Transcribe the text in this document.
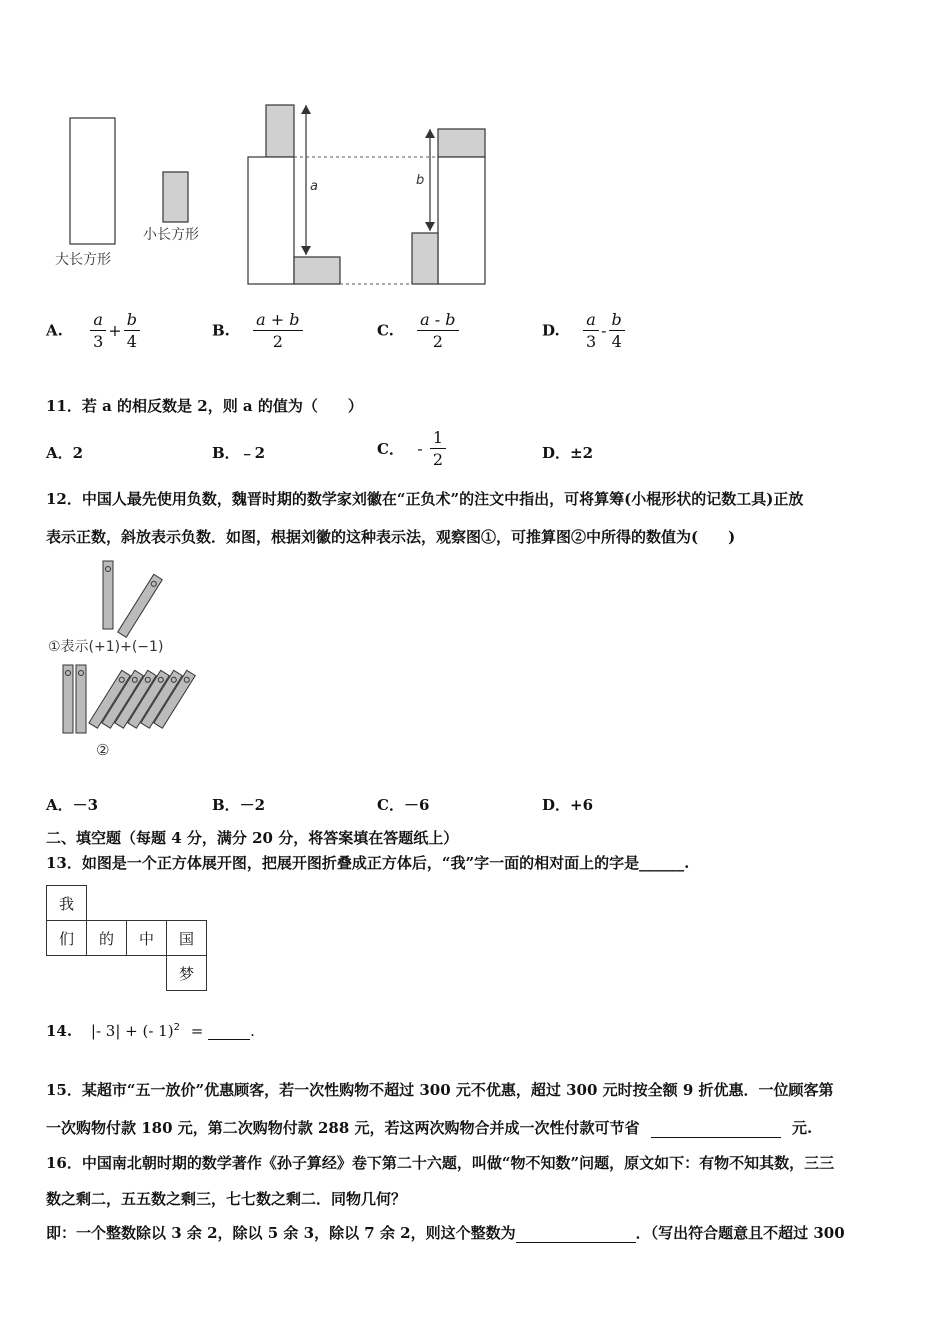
大长方形
小长方形
a	b
A. $\frac{a}{3} + \frac{b}{4}$	B. $\frac{a + b}{2}$	C. $\frac{a - b}{2}$	D. $\frac{a}{3} - \frac{b}{4}$
11．若 a 的相反数是 2，则 a 的值为（　　）
A．2	B．﹣2	C． - $\frac{1}{2}$	D．±2
12．中国人最先使用负数，魏晋时期的数学家刘徽在“正负术”的注文中指出，可将算筹(小棍形状的记数工具)正放
表示正数，斜放表示负数．如图，根据刘徽的这种表示法，观察图①，可推算图②中所得的数值为(　　)
①表示(+1)+(−1)
②
A．－3	B．－2	C．－6	D．+6
二、填空题（每题 4 分，满分 20 分，将答案填在答题纸上）
13．如图是一个正方体展开图，把展开图折叠成正方体后，“我”字一面的相对面上的字是______.
我			
们	的	中	国
			梦
14. |- 3| + (- 1)$^2$ =	.
15．某超市“五一放价”优惠顾客，若一次性购物不超过 300 元不优惠，超过 300 元时按全额 9 折优惠．一位顾客第
一次购物付款 180 元，第二次购物付款 288 元，若这两次购物合并成一次性付款可节省	元.
16．中国南北朝时期的数学著作《孙子算经》卷下第二十六题，叫做“物不知数”问题，原文如下：有物不知其数，三三
数之剩二，五五数之剩三，七七数之剩二．同物几何？
即：一个整数除以 3 余 2，除以 5 余 3，除以 7 余 2，则这个整数为	．（写出符合题意且不超过 300
